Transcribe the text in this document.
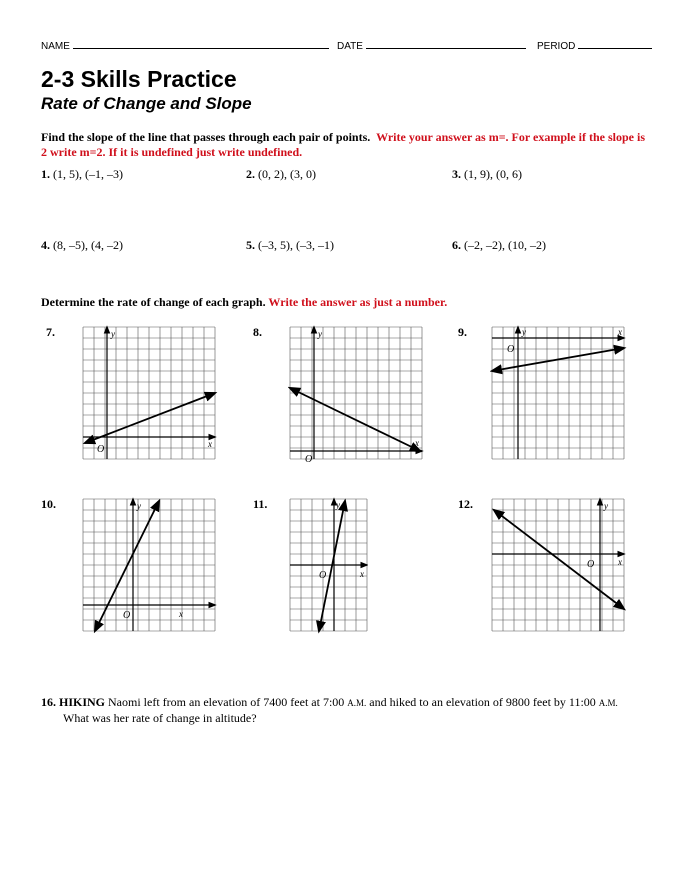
NAME	DATE	PERIOD
2-3 Skills Practice
Rate of Change and Slope
Find the slope of the line that passes through each pair of points. Write your answer as m=. For example if the slope is 2 write m=2. If it is undefined just write undefined.
1. (1, 5), (–1, –3)	2. (0, 2), (3, 0)	3. (1, 9), (0, 6)
4. (8, –5), (4, –2)	5. (–3, 5), (–3, –1)	6. (–2, –2), (10, –2)
Determine the rate of change of each graph. Write the answer as just a number.
7.	8.	9.
10.	11.	12.
y
x
O
y
x
O
y	x
O
y
x
O
y
x
O
y
x
O
16. HIKING Naomi left from an elevation of 7400 feet at 7:00 A.M. and hiked to an elevation of 9800 feet by 11:00 A.M.
What was her rate of change in altitude?
